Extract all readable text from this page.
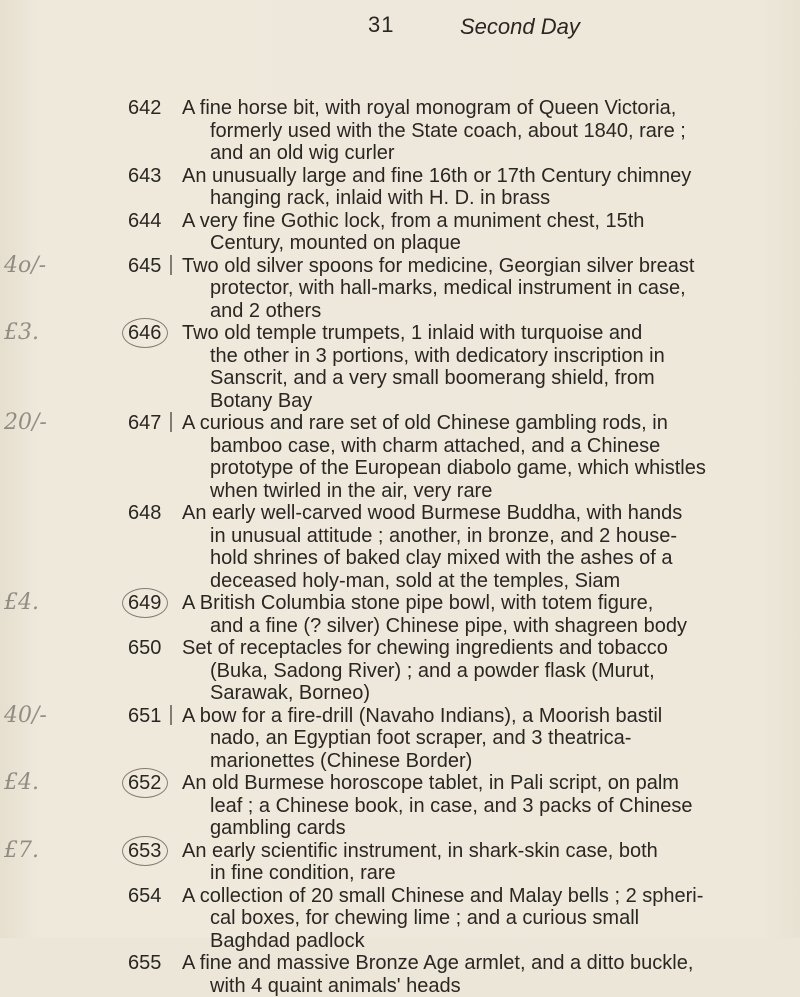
31	Second Day
642	A fine horse bit, with royal monogram of Queen Victoria,
formerly used with the State coach, about 1840, rare ;
and an old wig curler
643	An unusually large and fine 16th or 17th Century chimney
hanging rack, inlaid with H. D. in brass
644	A very fine Gothic lock, from a muniment chest, 15th
Century, mounted on plaque
4o/-	645	Two old silver spoons for medicine, Georgian silver breast
protector, with hall-marks, medical instrument in case,
and 2 others
£3.	646	Two old temple trumpets, 1 inlaid with turquoise and
the other in 3 portions, with dedicatory inscription in
Sanscrit, and a very small boomerang shield, from
Botany Bay
20/-	647	A curious and rare set of old Chinese gambling rods, in
bamboo case, with charm attached, and a Chinese
prototype of the European diabolo game, which whistles
when twirled in the air, very rare
648	An early well-carved wood Burmese Buddha, with hands
in unusual attitude ; another, in bronze, and 2 house-
hold shrines of baked clay mixed with the ashes of a
deceased holy-man, sold at the temples, Siam
£4.	649	A British Columbia stone pipe bowl, with totem figure,
and a fine (? silver) Chinese pipe, with shagreen body
650	Set of receptacles for chewing ingredients and tobacco
(Buka, Sadong River) ; and a powder flask (Murut,
Sarawak, Borneo)
40/-	651	A bow for a fire-drill (Navaho Indians), a Moorish bastil
nado, an Egyptian foot scraper, and 3 theatrica-
marionettes (Chinese Border)
£4.	652	An old Burmese horoscope tablet, in Pali script, on palm
leaf ; a Chinese book, in case, and 3 packs of Chinese
gambling cards
£7.	653	An early scientific instrument, in shark-skin case, both
in fine condition, rare
654	A collection of 20 small Chinese and Malay bells ; 2 spheri-
cal boxes, for chewing lime ; and a curious small
Baghdad padlock
655	A fine and massive Bronze Age armlet, and a ditto buckle,
with 4 quaint animals' heads
